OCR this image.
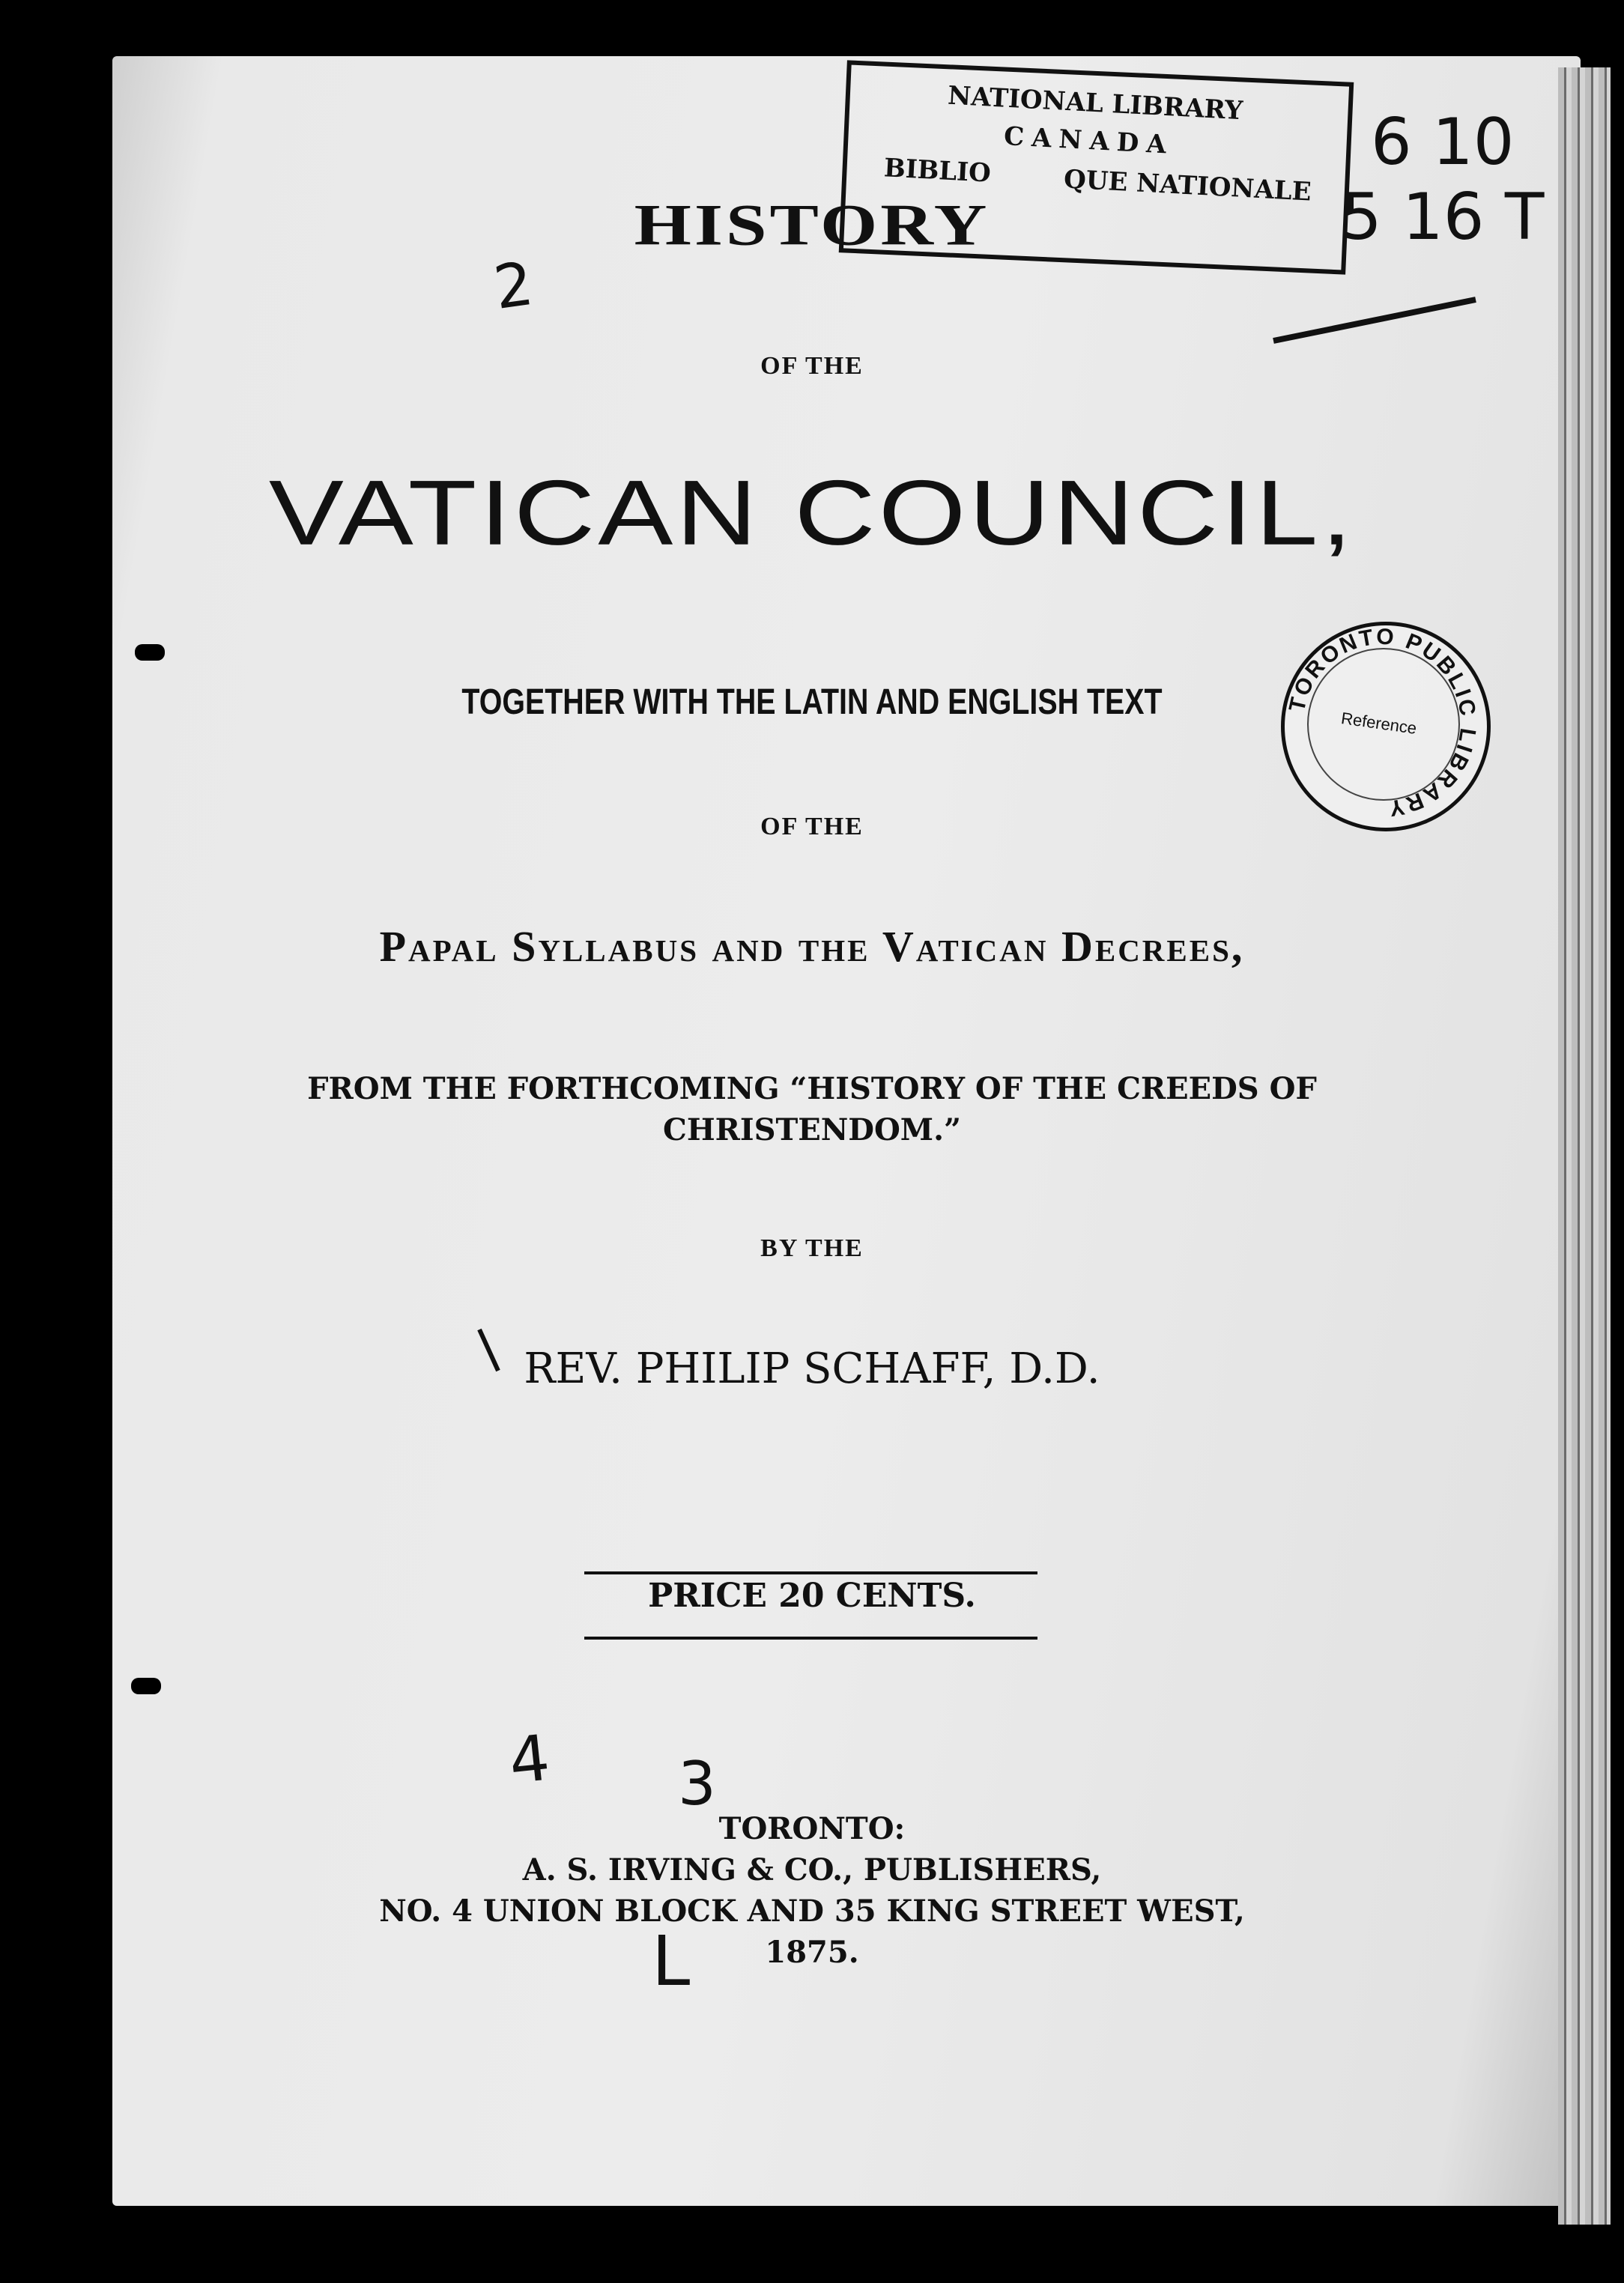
NATIONAL LIBRARY
CANADA
BIBLIO	QUE NATIONALE
HISTORY
OF THE
VATICAN COUNCIL,
TOGETHER WITH THE LATIN AND ENGLISH TEXT
OF THE
Papal Syllabus and the Vatican Decrees,
FROM THE FORTHCOMING “HISTORY OF THE CREEDS OF
CHRISTENDOM.”
BY THE
REV. PHILIP SCHAFF, D.D.
PRICE 20 CENTS.
TORONTO:
A. S. IRVING & CO., PUBLISHERS,
NO. 4 UNION BLOCK AND 35 KING STREET WEST,
1875.
TORONTO PUBLIC LIBRARY
Reference
2
6 10
5 16 T
4 3
L
